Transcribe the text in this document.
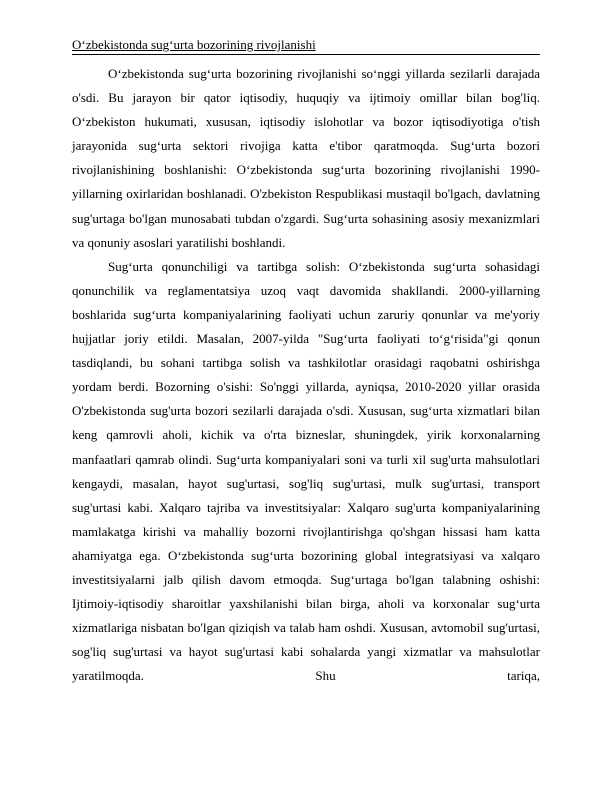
O‘zbekistonda sug‘urta bozorining rivojlanishi

O‘zbekistonda sug‘urta bozorining rivojlanishi so‘nggi yillarda sezilarli darajada o'sdi. Bu jarayon bir qator iqtisodiy, huquqiy va ijtimoiy omillar bilan bog'liq. O‘zbekiston hukumati, xususan, iqtisodiy islohotlar va bozor iqtisodiyotiga o'tish jarayonida sug‘urta sektori rivojiga katta e'tibor qaratmoqda. Sug‘urta bozori rivojlanishining boshlanishi: O‘zbekistonda sug‘urta bozorining rivojlanishi 1990-yillarning oxirlaridan boshlanadi. O'zbekiston Respublikasi mustaqil bo'lgach, davlatning sug'urtaga bo'lgan munosabati tubdan o'zgardi. Sug‘urta sohasining asosiy mexanizmlari va qonuniy asoslari yaratilishi boshlandi.

Sug‘urta qonunchiligi va tartibga solish: O‘zbekistonda sug‘urta sohasidagi qonunchilik va reglamentatsiya uzoq vaqt davomida shakllandi. 2000-yillarning boshlarida sug‘urta kompaniyalarining faoliyati uchun zaruriy qonunlar va me'yoriy hujjatlar joriy etildi. Masalan, 2007-yilda "Sug‘urta faoliyati to‘g‘risida"gi qonun tasdiqlandi, bu sohani tartibga solish va tashkilotlar orasidagi raqobatni oshirishga yordam berdi. Bozorning o'sishi: So'nggi yillarda, ayniqsa, 2010-2020 yillar orasida O'zbekistonda sug'urta bozori sezilarli darajada o'sdi. Xususan, sug‘urta xizmatlari bilan keng qamrovli aholi, kichik va o'rta bizneslar, shuningdek, yirik korxonalarning manfaatlari qamrab olindi. Sug‘urta kompaniyalari soni va turli xil sug'urta mahsulotlari kengaydi, masalan, hayot sug'urtasi, sog'liq sug'urtasi, mulk sug'urtasi, transport sug'urtasi kabi. Xalqaro tajriba va investitsiyalar: Xalqaro sug'urta kompaniyalarining mamlakatga kirishi va mahalliy bozorni rivojlantirishga qo'shgan hissasi ham katta ahamiyatga ega. O‘zbekistonda sug‘urta bozorining global integratsiyasi va xalqaro investitsiyalarni jalb qilish davom etmoqda. Sug‘urtaga bo'lgan talabning oshishi: Ijtimoiy-iqtisodiy sharoitlar yaxshilanishi bilan birga, aholi va korxonalar sug‘urta xizmatlariga nisbatan bo'lgan qiziqish va talab ham oshdi. Xususan, avtomobil sug'urtasi, sog'liq sug'urtasi va hayot sug'urtasi kabi sohalarda yangi xizmatlar va mahsulotlar yaratilmoqda. Shu tariqa,
